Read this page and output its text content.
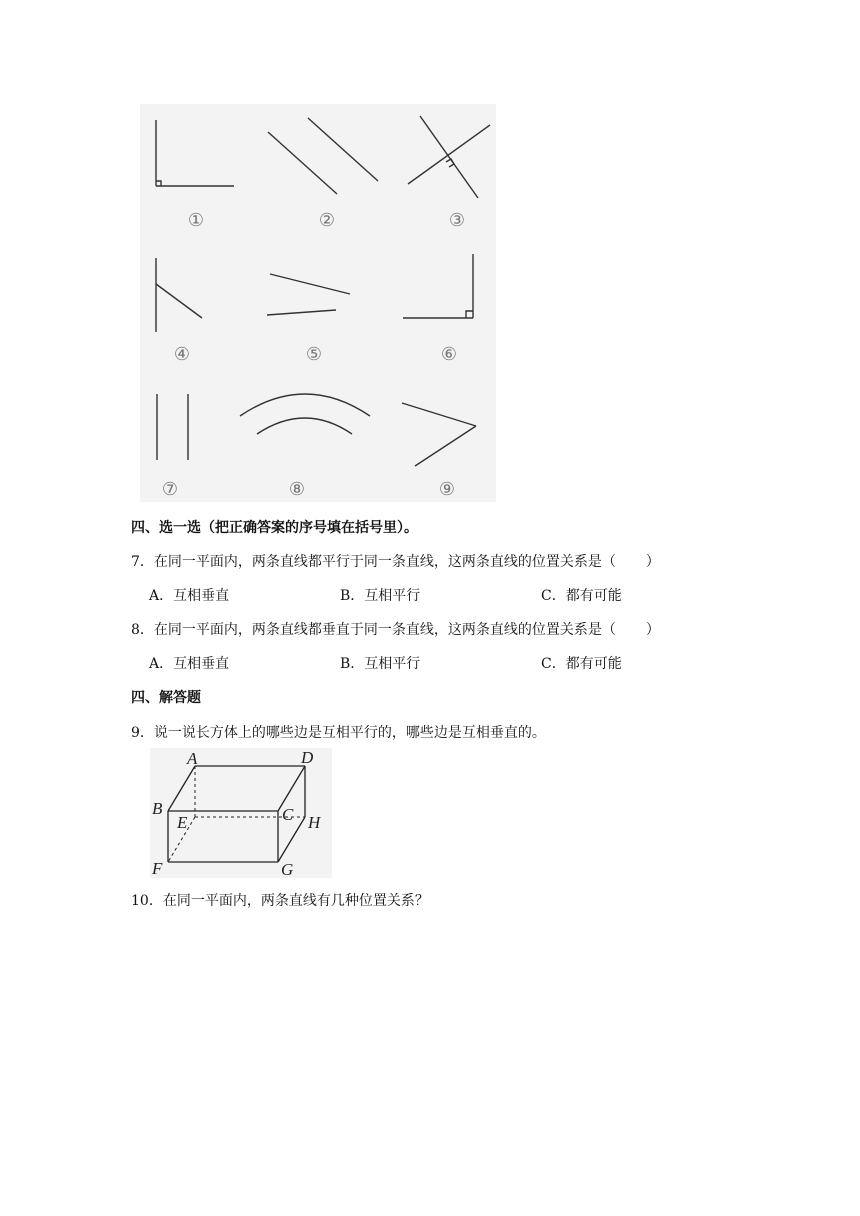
①	②	③
④	⑤	⑥
⑦	⑧	⑨
四、选一选（把正确答案的序号填在括号里）。
7．在同一平面内，两条直线都平行于同一条直线，这两条直线的位置关系是（ ）
A．互相垂直	B．互相平行	C．都有可能
8．在同一平面内，两条直线都垂直于同一条直线，这两条直线的位置关系是（ ）
A．互相垂直	B．互相平行	C．都有可能
四、解答题
9．说一说长方体上的哪些边是互相平行的，哪些边是互相垂直的。
A	D
B
E	C H
F	G
10．在同一平面内，两条直线有几种位置关系？
